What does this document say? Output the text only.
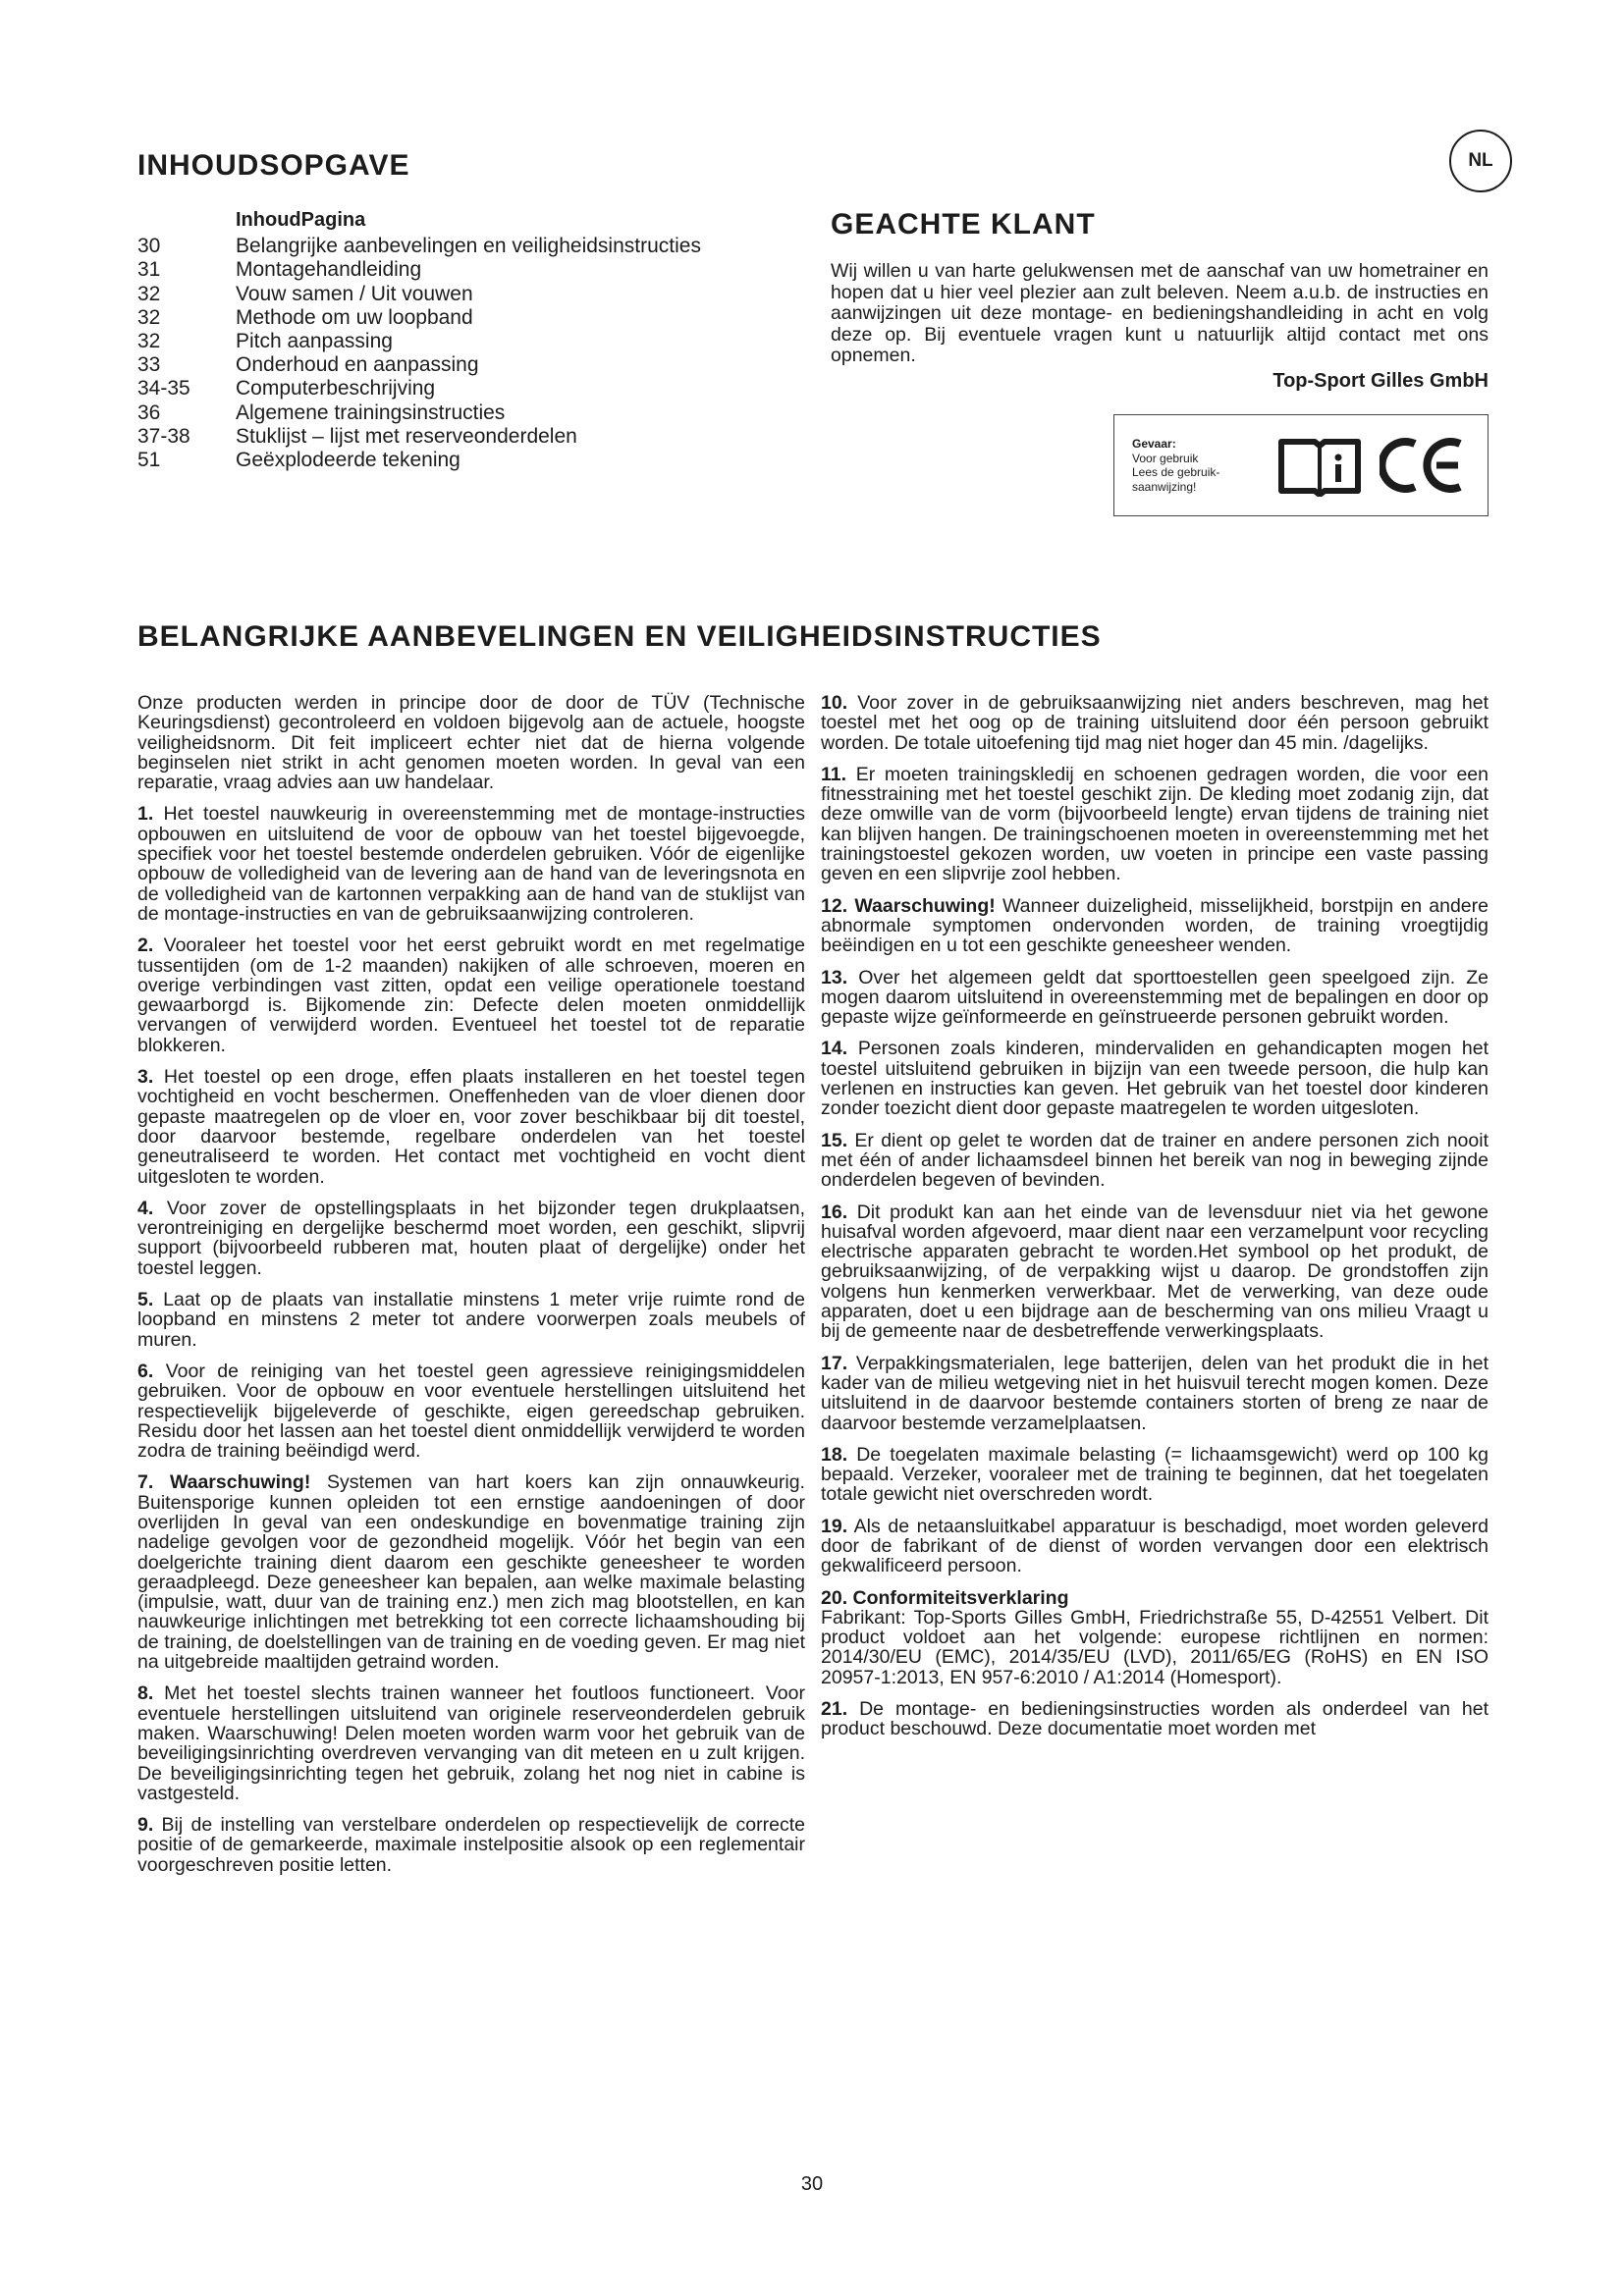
NL
INHOUDSOPGAVE
InhoudPagina
30	Belangrijke aanbevelingen en veiligheidsinstructies
31	Montagehandleiding
32	Vouw samen / Uit vouwen
32	Methode om uw loopband
32	Pitch aanpassing
33	Onderhoud en aanpassing
34-35	Computerbeschrijving
36	Algemene trainingsinstructies
37-38	Stuklijst – lijst met reserveonderdelen
51	Geëxplodeerde tekening
GEACHTE KLANT

Wij willen u van harte gelukwensen met de aanschaf van uw hometrainer en hopen dat u hier veel plezier aan zult beleven. Neem a.u.b. de instructies en aanwijzingen uit deze montage- en bedieningshandleiding in acht en volg deze op. Bij eventuele vragen kunt u natuurlijk altijd contact met ons opnemen.

Top-Sport Gilles GmbH
Gevaar:
Voor gebruik
Lees de gebruik-
saanwijzing!
BELANGRIJKE AANBEVELINGEN EN VEILIGHEIDSINSTRUCTIES

Onze producten werden in principe door de door de TÜV (Technische Keuringsdienst) gecontroleerd en voldoen bijgevolg aan de actuele, hoogste veiligheidsnorm. Dit feit impliceert echter niet dat de hierna volgende beginselen niet strikt in acht genomen moeten worden. In geval van een reparatie, vraag advies aan uw handelaar.

1. Het toestel nauwkeurig in overeenstemming met de montage-instructies opbouwen en uitsluitend de voor de opbouw van het toestel bijgevoegde, specifiek voor het toestel bestemde onderdelen gebruiken. Vóór de eigenlijke opbouw de volledigheid van de levering aan de hand van de leveringsnota en de volledigheid van de kartonnen verpakking aan de hand van de stuklijst van de montage-instructies en van de gebruiksaanwijzing controleren.

2. Vooraleer het toestel voor het eerst gebruikt wordt en met regelmatige tussentijden (om de 1-2 maanden) nakijken of alle schroeven, moeren en overige verbindingen vast zitten, opdat een veilige operationele toestand gewaarborgd is. Bijkomende zin: Defecte delen moeten onmiddellijk vervangen of verwijderd worden. Eventueel het toestel tot de reparatie blokkeren.

3. Het toestel op een droge, effen plaats installeren en het toestel tegen vochtigheid en vocht beschermen. Oneffenheden van de vloer dienen door gepaste maatregelen op de vloer en, voor zover beschikbaar bij dit toestel, door daarvoor bestemde, regelbare onderdelen van het toestel geneutraliseerd te worden. Het contact met vochtigheid en vocht dient uitgesloten te worden.

4. Voor zover de opstellingsplaats in het bijzonder tegen drukplaatsen, verontreiniging en dergelijke beschermd moet worden, een geschikt, slipvrij support (bijvoorbeeld rubberen mat, houten plaat of dergelijke) onder het toestel leggen.

5. Laat op de plaats van installatie minstens 1 meter vrije ruimte rond de loopband en minstens 2 meter tot andere voorwerpen zoals meubels of muren.

6. Voor de reiniging van het toestel geen agressieve reinigingsmiddelen gebruiken. Voor de opbouw en voor eventuele herstellingen uitsluitend het respectievelijk bijgeleverde of geschikte, eigen gereedschap gebruiken. Residu door het lassen aan het toestel dient onmiddellijk verwijderd te worden zodra de training beëindigd werd.

7. Waarschuwing! Systemen van hart koers kan zijn onnauwkeurig. Buitensporige kunnen opleiden tot een ernstige aandoeningen of door overlijden In geval van een ondeskundige en bovenmatige training zijn nadelige gevolgen voor de gezondheid mogelijk. Vóór het begin van een doelgerichte training dient daarom een geschikte geneesheer te worden geraadpleegd. Deze geneesheer kan bepalen, aan welke maximale belasting (impulsie, watt, duur van de training enz.) men zich mag blootstellen, en kan nauwkeurige inlichtingen met betrekking tot een correcte lichaamshouding bij de training, de doelstellingen van de training en de voeding geven. Er mag niet na uitgebreide maaltijden getraind worden.

8. Met het toestel slechts trainen wanneer het foutloos functioneert. Voor eventuele herstellingen uitsluitend van originele reserveonderdelen gebruik maken. Waarschuwing! Delen moeten worden warm voor het gebruik van de beveiligingsinrichting overdreven vervanging van dit meteen en u zult krijgen. De beveiligingsinrichting tegen het gebruik, zolang het nog niet in cabine is vastgesteld.

9. Bij de instelling van verstelbare onderdelen op respectievelijk de correcte positie of de gemarkeerde, maximale instelpositie alsook op een reglementair voorgeschreven positie letten.

10. Voor zover in de gebruiksaanwijzing niet anders beschreven, mag het toestel met het oog op de training uitsluitend door één persoon gebruikt worden. De totale uitoefening tijd mag niet hoger dan 45 min. /dagelijks.

11. Er moeten trainingskledij en schoenen gedragen worden, die voor een fitnesstraining met het toestel geschikt zijn. De kleding moet zodanig zijn, dat deze omwille van de vorm (bijvoorbeeld lengte) ervan tijdens de training niet kan blijven hangen. De trainingschoenen moeten in overeenstemming met het trainingstoestel gekozen worden, uw voeten in principe een vaste passing geven en een slipvrije zool hebben.

12. Waarschuwing! Wanneer duizeligheid, misselijkheid, borstpijn en andere abnormale symptomen ondervonden worden, de training vroegtijdig beëindigen en u tot een geschikte geneesheer wenden.

13. Over het algemeen geldt dat sporttoestellen geen speelgoed zijn. Ze mogen daarom uitsluitend in overeenstemming met de bepalingen en door op gepaste wijze geïnformeerde en geïnstrueerde personen gebruikt worden.

14. Personen zoals kinderen, mindervaliden en gehandicapten mogen het toestel uitsluitend gebruiken in bijzijn van een tweede persoon, die hulp kan verlenen en instructies kan geven. Het gebruik van het toestel door kinderen zonder toezicht dient door gepaste maatregelen te worden uitgesloten.

15. Er dient op gelet te worden dat de trainer en andere personen zich nooit met één of ander lichaamsdeel binnen het bereik van nog in beweging zijnde onderdelen begeven of bevinden.

16. Dit produkt kan aan het einde van de levensduur niet via het gewone huisafval worden afgevoerd, maar dient naar een verzamelpunt voor recycling electrische apparaten gebracht te worden.Het symbool op het produkt, de gebruiksaanwijzing, of de verpakking wijst u daarop. De grondstoffen zijn volgens hun kenmerken verwerkbaar. Met de verwerking, van deze oude apparaten, doet u een bijdrage aan de bescherming van ons milieu Vraagt u bij de gemeente naar de desbetreffende verwerkingsplaats.

17. Verpakkingsmaterialen, lege batterijen, delen van het produkt die in het kader van de milieu wetgeving niet in het huisvuil terecht mogen komen. Deze uitsluitend in de daarvoor bestemde containers storten of breng ze naar de daarvoor bestemde verzamelplaatsen.

18. De toegelaten maximale belasting (= lichaamsgewicht) werd op 100 kg bepaald. Verzeker, vooraleer met de training te beginnen, dat het toegelaten totale gewicht niet overschreden wordt.

19. Als de netaansluitkabel apparatuur is beschadigd, moet worden geleverd door de fabrikant of de dienst of worden vervangen door een elektrisch gekwalificeerd persoon.

20. Conformiteitsverklaring
Fabrikant: Top-Sports Gilles GmbH, Friedrichstraße 55, D-42551 Velbert. Dit product voldoet aan het volgende: europese richtlijnen en normen: 2014/30/EU (EMC), 2014/35/EU (LVD), 2011/65/EG (RoHS) en EN ISO 20957-1:2013, EN 957-6:2010 / A1:2014 (Homesport).

21. De montage- en bedieningsinstructies worden als onderdeel van het product beschouwd. Deze documentatie moet worden met

30
